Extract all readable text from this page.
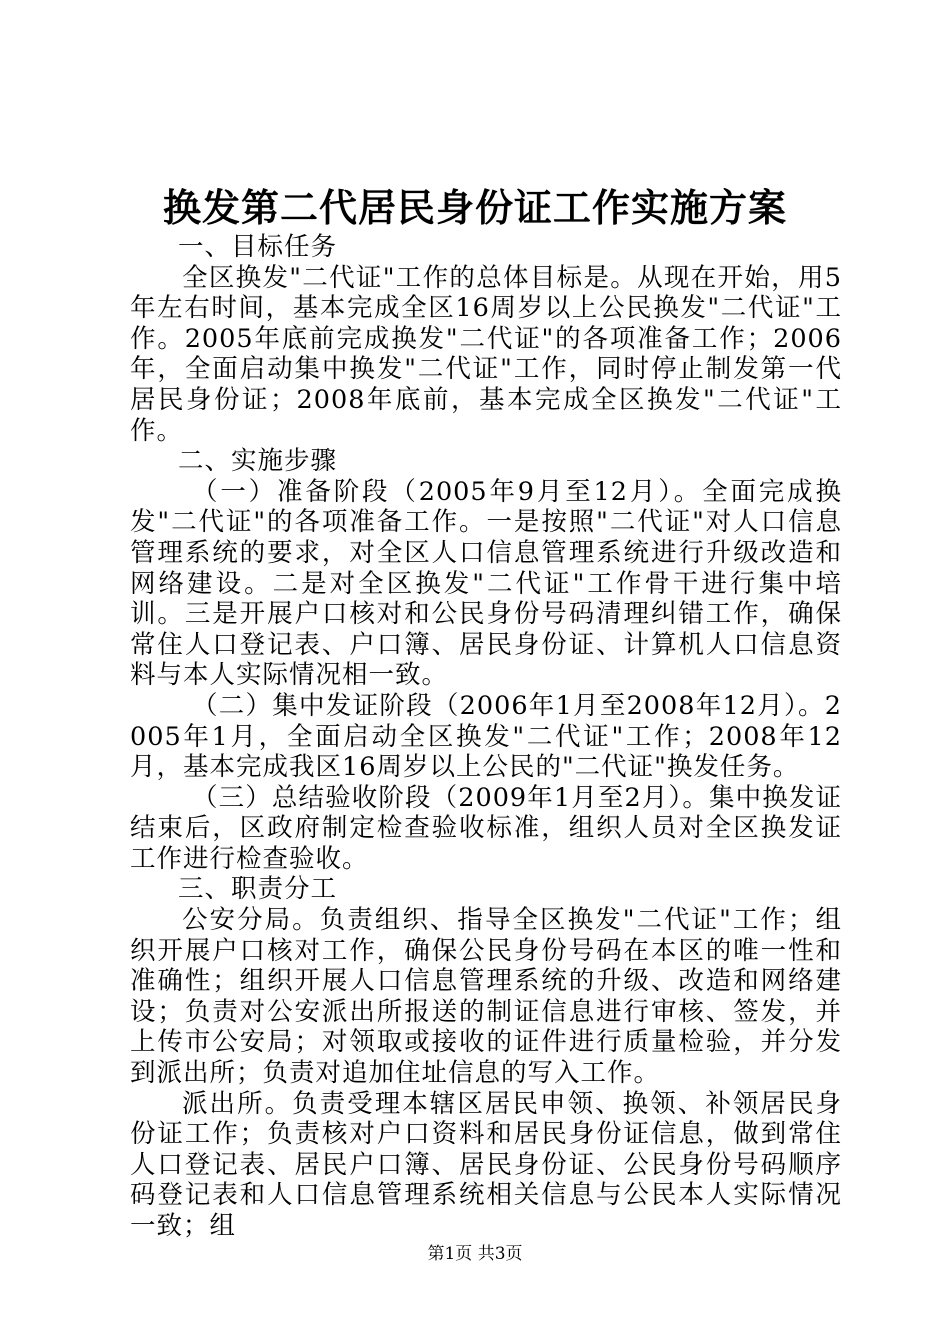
换发第二代居民身份证工作实施方案

一、目标任务

全区换发"二代证"工作的总体目标是。从现在开始，用5年左右时间，基本完成全区16周岁以上公民换发"二代证"工作。2005年底前完成换发"二代证"的各项准备工作；2006年，全面启动集中换发"二代证"工作，同时停止制发第一代居民身份证；2008年底前，基本完成全区换发"二代证"工作。

二、实施步骤

（一）准备阶段（2005年9月至12月）。全面完成换发"二代证"的各项准备工作。一是按照"二代证"对人口信息管理系统的要求，对全区人口信息管理系统进行升级改造和网络建设。二是对全区换发"二代证"工作骨干进行集中培训。三是开展户口核对和公民身份号码清理纠错工作，确保常住人口登记表、户口簿、居民身份证、计算机人口信息资料与本人实际情况相一致。

（二）集中发证阶段（2006年1月至2008年12月）。2005年1月，全面启动全区换发"二代证"工作；2008年12月，基本完成我区16周岁以上公民的"二代证"换发任务。

（三）总结验收阶段（2009年1月至2月）。集中换发证结束后，区政府制定检查验收标准，组织人员对全区换发证工作进行检查验收。

三、职责分工

公安分局。负责组织、指导全区换发"二代证"工作；组织开展户口核对工作，确保公民身份号码在本区的唯一性和准确性；组织开展人口信息管理系统的升级、改造和网络建设；负责对公安派出所报送的制证信息进行审核、签发，并上传市公安局；对领取或接收的证件进行质量检验，并分发到派出所；负责对追加住址信息的写入工作。

派出所。负责受理本辖区居民申领、换领、补领居民身份证工作；负责核对户口资料和居民身份证信息，做到常住人口登记表、居民户口簿、居民身份证、公民身份号码顺序码登记表和人口信息管理系统相关信息与公民本人实际情况一致；组

第1页 共3页
